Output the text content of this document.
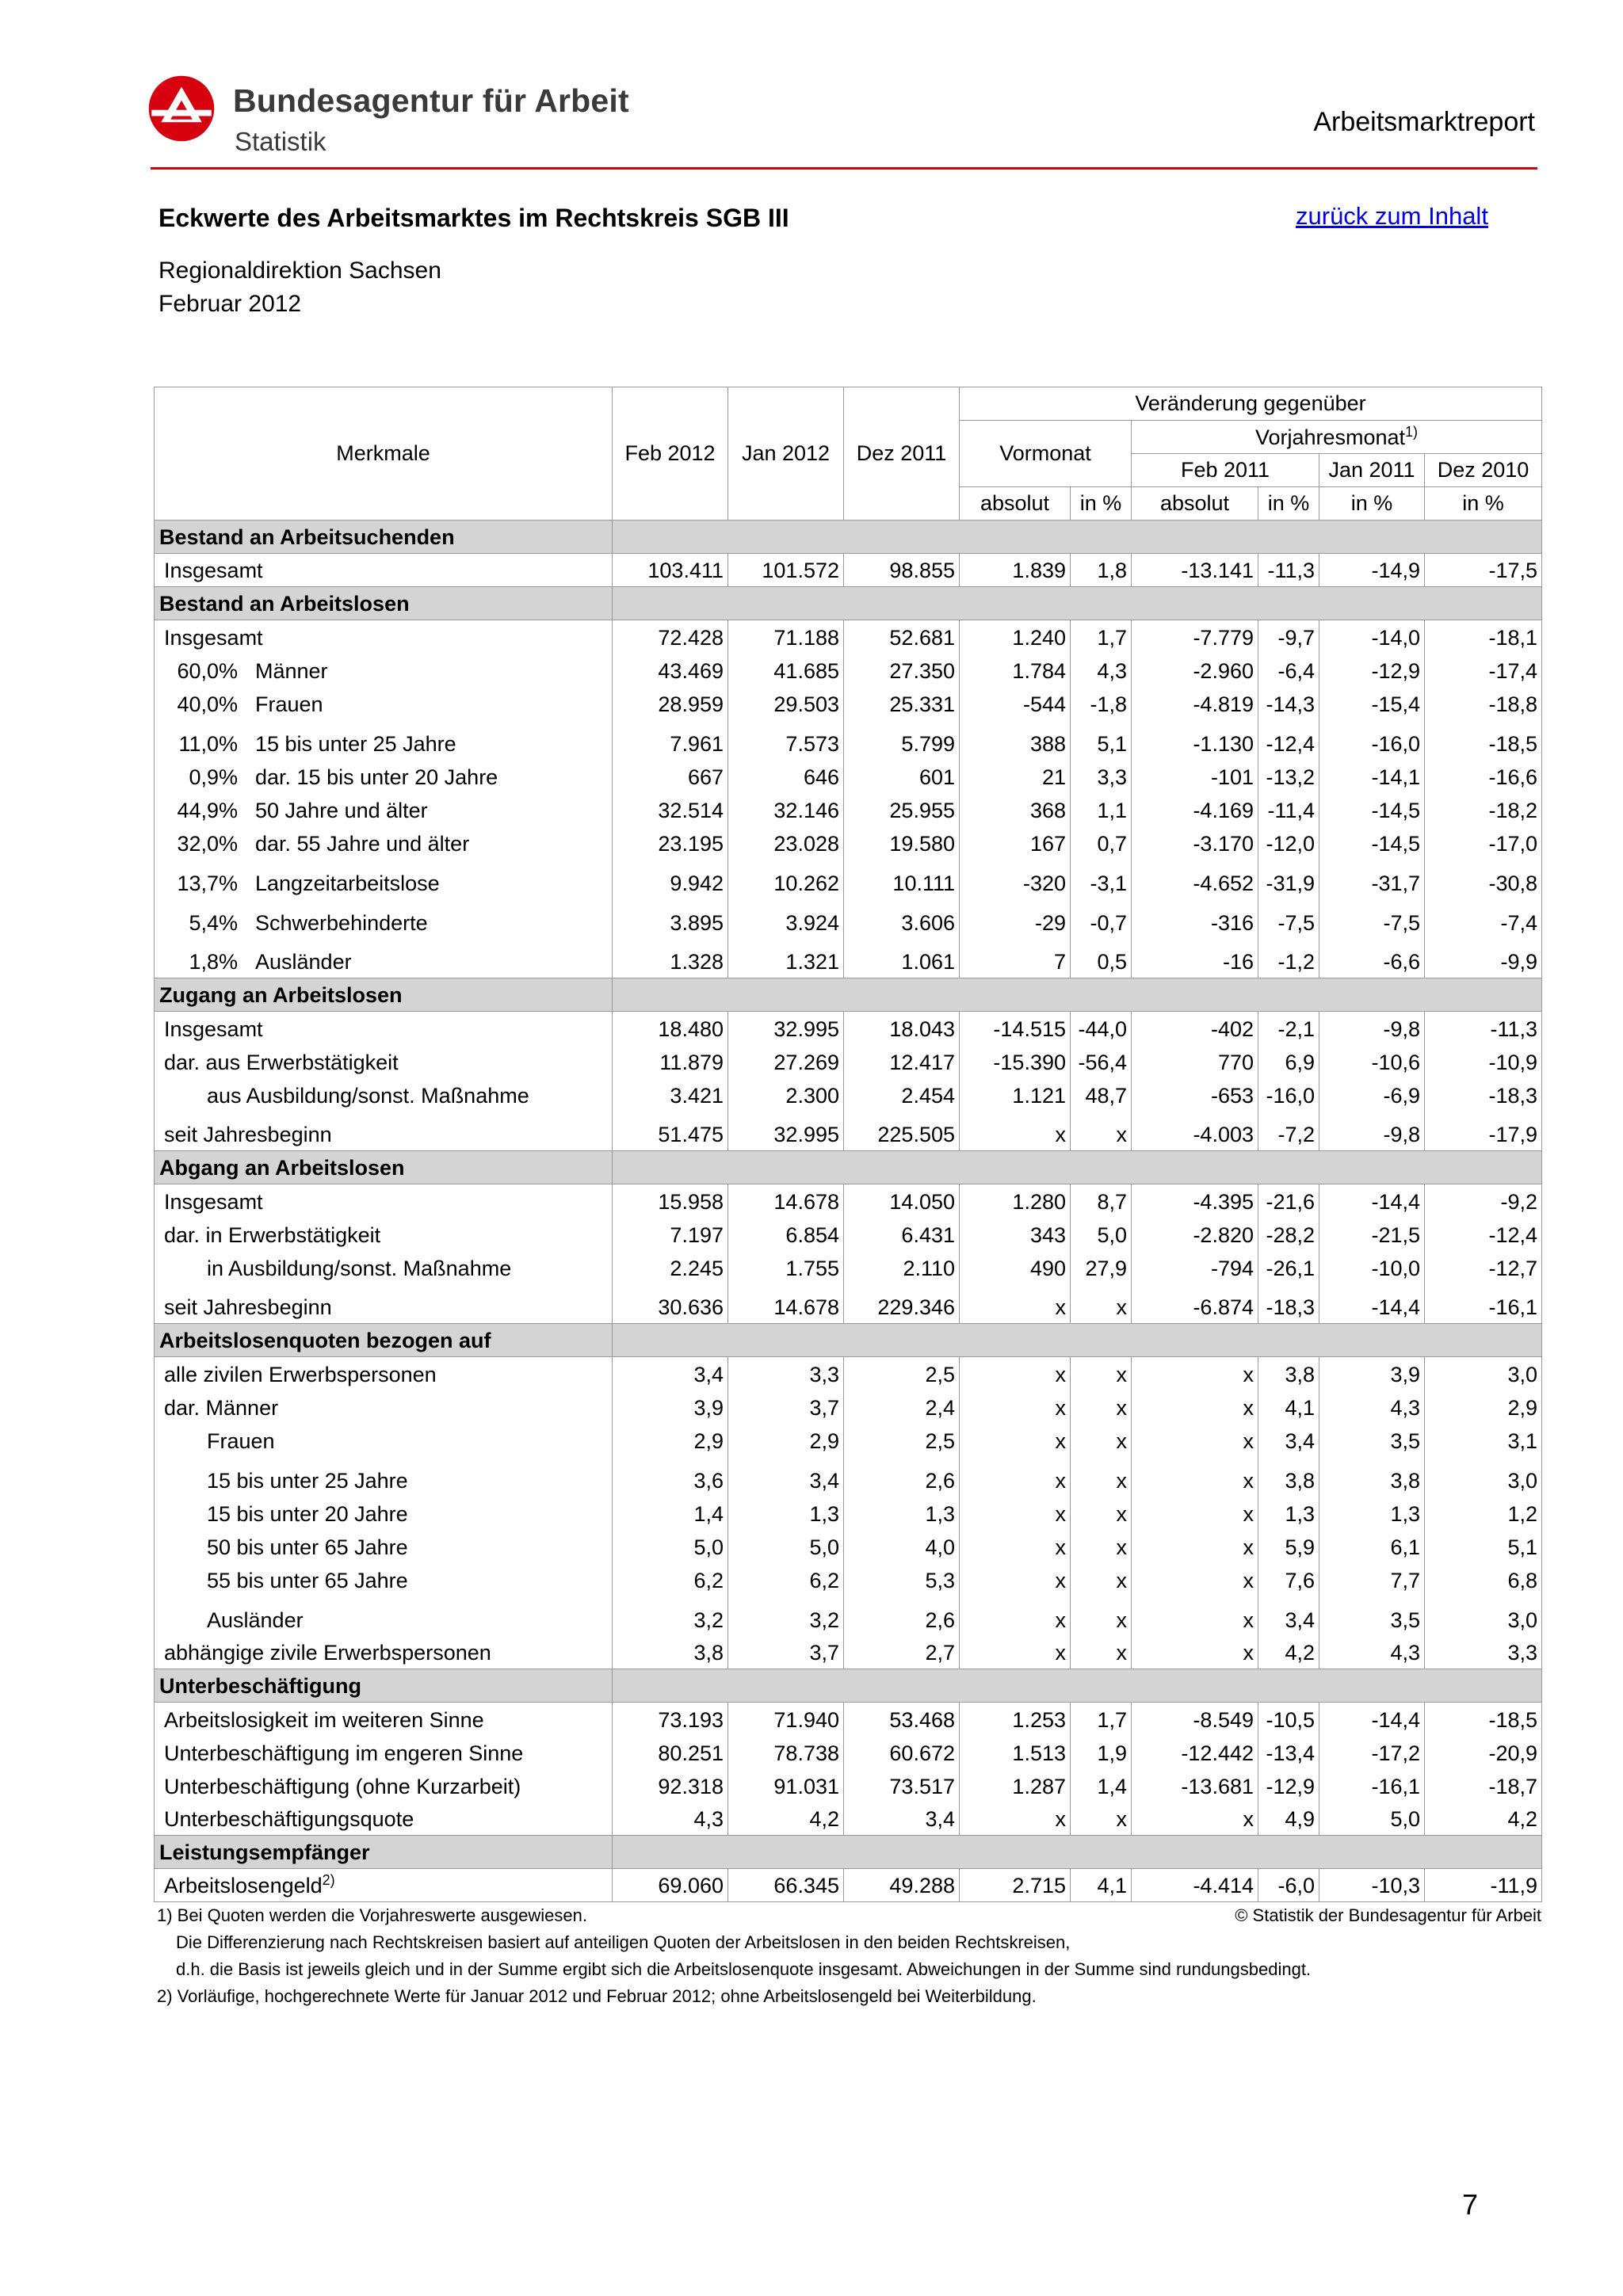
Bundesagentur für Arbeit
Statistik
Arbeitsmarktreport
Eckwerte des Arbeitsmarktes im Rechtskreis SGB III	zurück zum Inhalt
Regionaldirektion Sachsen
Februar 2012
Merkmale	Feb 2012	Jan 2012	Dez 2011	Veränderung gegenüber					
				Vormonat		Vorjahresmonat$^{1)}$
						Feb 2011		Jan 2011	Dez 2010
				absolut	in %	absolut	in %	in %	in %
Bestand an Arbeitsuchenden									
Insgesamt	103.411	101.572	98.855	1.839	1,8	-13.141	-11,3	-14,9	-17,5
Bestand an Arbeitslosen									
Insgesamt	72.428	71.188	52.681	1.240	1,7	-7.779	-9,7	-14,0	-18,1
60,0% Männer	43.469	41.685	27.350	1.784	4,3	-2.960	-6,4	-12,9	-17,4
40,0% Frauen	28.959	29.503	25.331	-544	-1,8	-4.819	-14,3	-15,4	-18,8
11,0% 15 bis unter 25 Jahre	7.961	7.573	5.799	388	5,1	-1.130	-12,4	-16,0	-18,5
0,9% dar. 15 bis unter 20 Jahre	667	646	601	21	3,3	-101	-13,2	-14,1	-16,6
44,9% 50 Jahre und älter	32.514	32.146	25.955	368	1,1	-4.169	-11,4	-14,5	-18,2
32,0% dar. 55 Jahre und älter	23.195	23.028	19.580	167	0,7	-3.170	-12,0	-14,5	-17,0
13,7% Langzeitarbeitslose	9.942	10.262	10.111	-320	-3,1	-4.652	-31,9	-31,7	-30,8
5,4% Schwerbehinderte	3.895	3.924	3.606	-29	-0,7	-316	-7,5	-7,5	-7,4
1,8% Ausländer	1.328	1.321	1.061	7	0,5	-16	-1,2	-6,6	-9,9
Zugang an Arbeitslosen									
Insgesamt	18.480	32.995	18.043	-14.515	-44,0	-402	-2,1	-9,8	-11,3
dar. aus Erwerbstätigkeit	11.879	27.269	12.417	-15.390	-56,4	770	6,9	-10,6	-10,9
aus Ausbildung/sonst. Maßnahme	3.421	2.300	2.454	1.121	48,7	-653	-16,0	-6,9	-18,3
seit Jahresbeginn	51.475	32.995	225.505	x	x	-4.003	-7,2	-9,8	-17,9
Abgang an Arbeitslosen									
Insgesamt	15.958	14.678	14.050	1.280	8,7	-4.395	-21,6	-14,4	-9,2
dar. in Erwerbstätigkeit	7.197	6.854	6.431	343	5,0	-2.820	-28,2	-21,5	-12,4
in Ausbildung/sonst. Maßnahme	2.245	1.755	2.110	490	27,9	-794	-26,1	-10,0	-12,7
seit Jahresbeginn	30.636	14.678	229.346	x	x	-6.874	-18,3	-14,4	-16,1
Arbeitslosenquoten bezogen auf									
alle zivilen Erwerbspersonen	3,4	3,3	2,5	x	x	x	3,8	3,9	3,0
dar. Männer	3,9	3,7	2,4	x	x	x	4,1	4,3	2,9
Frauen	2,9	2,9	2,5	x	x	x	3,4	3,5	3,1
15 bis unter 25 Jahre	3,6	3,4	2,6	x	x	x	3,8	3,8	3,0
15 bis unter 20 Jahre	1,4	1,3	1,3	x	x	x	1,3	1,3	1,2
50 bis unter 65 Jahre	5,0	5,0	4,0	x	x	x	5,9	6,1	5,1
55 bis unter 65 Jahre	6,2	6,2	5,3	x	x	x	7,6	7,7	6,8
Ausländer	3,2	3,2	2,6	x	x	x	3,4	3,5	3,0
abhängige zivile Erwerbspersonen	3,8	3,7	2,7	x	x	x	4,2	4,3	3,3
Unterbeschäftigung									
Arbeitslosigkeit im weiteren Sinne	73.193	71.940	53.468	1.253	1,7	-8.549	-10,5	-14,4	-18,5
Unterbeschäftigung im engeren Sinne	80.251	78.738	60.672	1.513	1,9	-12.442	-13,4	-17,2	-20,9
Unterbeschäftigung (ohne Kurzarbeit)	92.318	91.031	73.517	1.287	1,4	-13.681	-12,9	-16,1	-18,7
Unterbeschäftigungsquote	4,3	4,2	3,4	x	x	x	4,9	5,0	4,2
Leistungsempfänger									
Arbeitslosengeld$^{2)}$	69.060	66.345	49.288	2.715	4,1	-4.414	-6,0	-10,3	-11,9
1) Bei Quoten werden die Vorjahreswerte ausgewiesen.	© Statistik der Bundesagentur für Arbeit
Die Differenzierung nach Rechtskreisen basiert auf anteiligen Quoten der Arbeitslosen in den beiden Rechtskreisen,
d.h. die Basis ist jeweils gleich und in der Summe ergibt sich die Arbeitslosenquote insgesamt. Abweichungen in der Summe sind rundungsbedingt.
2) Vorläufige, hochgerechnete Werte für Januar 2012 und Februar 2012; ohne Arbeitslosengeld bei Weiterbildung.
7
